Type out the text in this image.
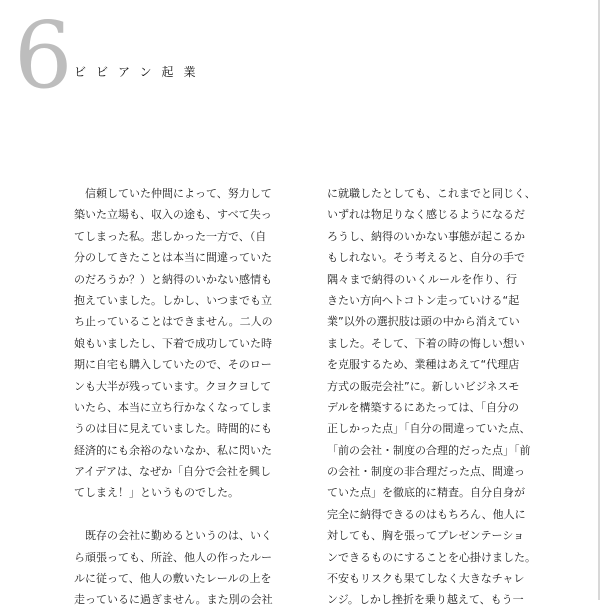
6 ビビアン起業
　信頼していた仲間によって、努力して
築いた立場も、収入の途も、すべて失っ
てしまった私。悲しかった一方で、（自
分のしてきたことは本当に間違っていた
のだろうか？）と納得のいかない感情も
抱えていました。しかし、いつまでも立
ち止っていることはできません。二人の
娘もいましたし、下着で成功していた時
期に自宅も購入していたので、そのロー
ンも大半が残っています。クヨクヨして
いたら、本当に立ち行かなくなってしま
うのは目に見えていました。時間的にも
経済的にも余裕のないなか、私に閃いた
アイデアは、なぜか「自分で会社を興し
てしまえ！」というものでした。
　既存の会社に勤めるというのは、いく
ら頑張っても、所詮、他人の作ったルー
ルに従って、他人の敷いたレールの上を
走っているに過ぎません。また別の会社
に就職したとしても、これまでと同じく、
いずれは物足りなく感じるようになるだ
ろうし、納得のいかない事態が起こるか
もしれない。そう考えると、自分の手で
隅々まで納得のいくルールを作り、行
きたい方向へトコトン走っていける“起
業”以外の選択肢は頭の中から消えてい
ました。そして、下着の時の悔しい想い
を克服するため、業種はあえて“代理店
方式の販売会社”に。新しいビジネスモ
デルを構築するにあたっては、「自分の
正しかった点」「自分の間違っていた点、
「前の会社・制度の合理的だった点」「前
の会社・制度の非合理だった点、間違っ
ていた点」を徹底的に精査。自分自身が
完全に納得できるのはもちろん、他人に
対しても、胸を張ってプレゼンテーショ
ンできるものにすることを心掛けました。
不安もリスクも果てしなく大きなチャレ
ンジ。しかし挫折を乗り越えて、もう一
